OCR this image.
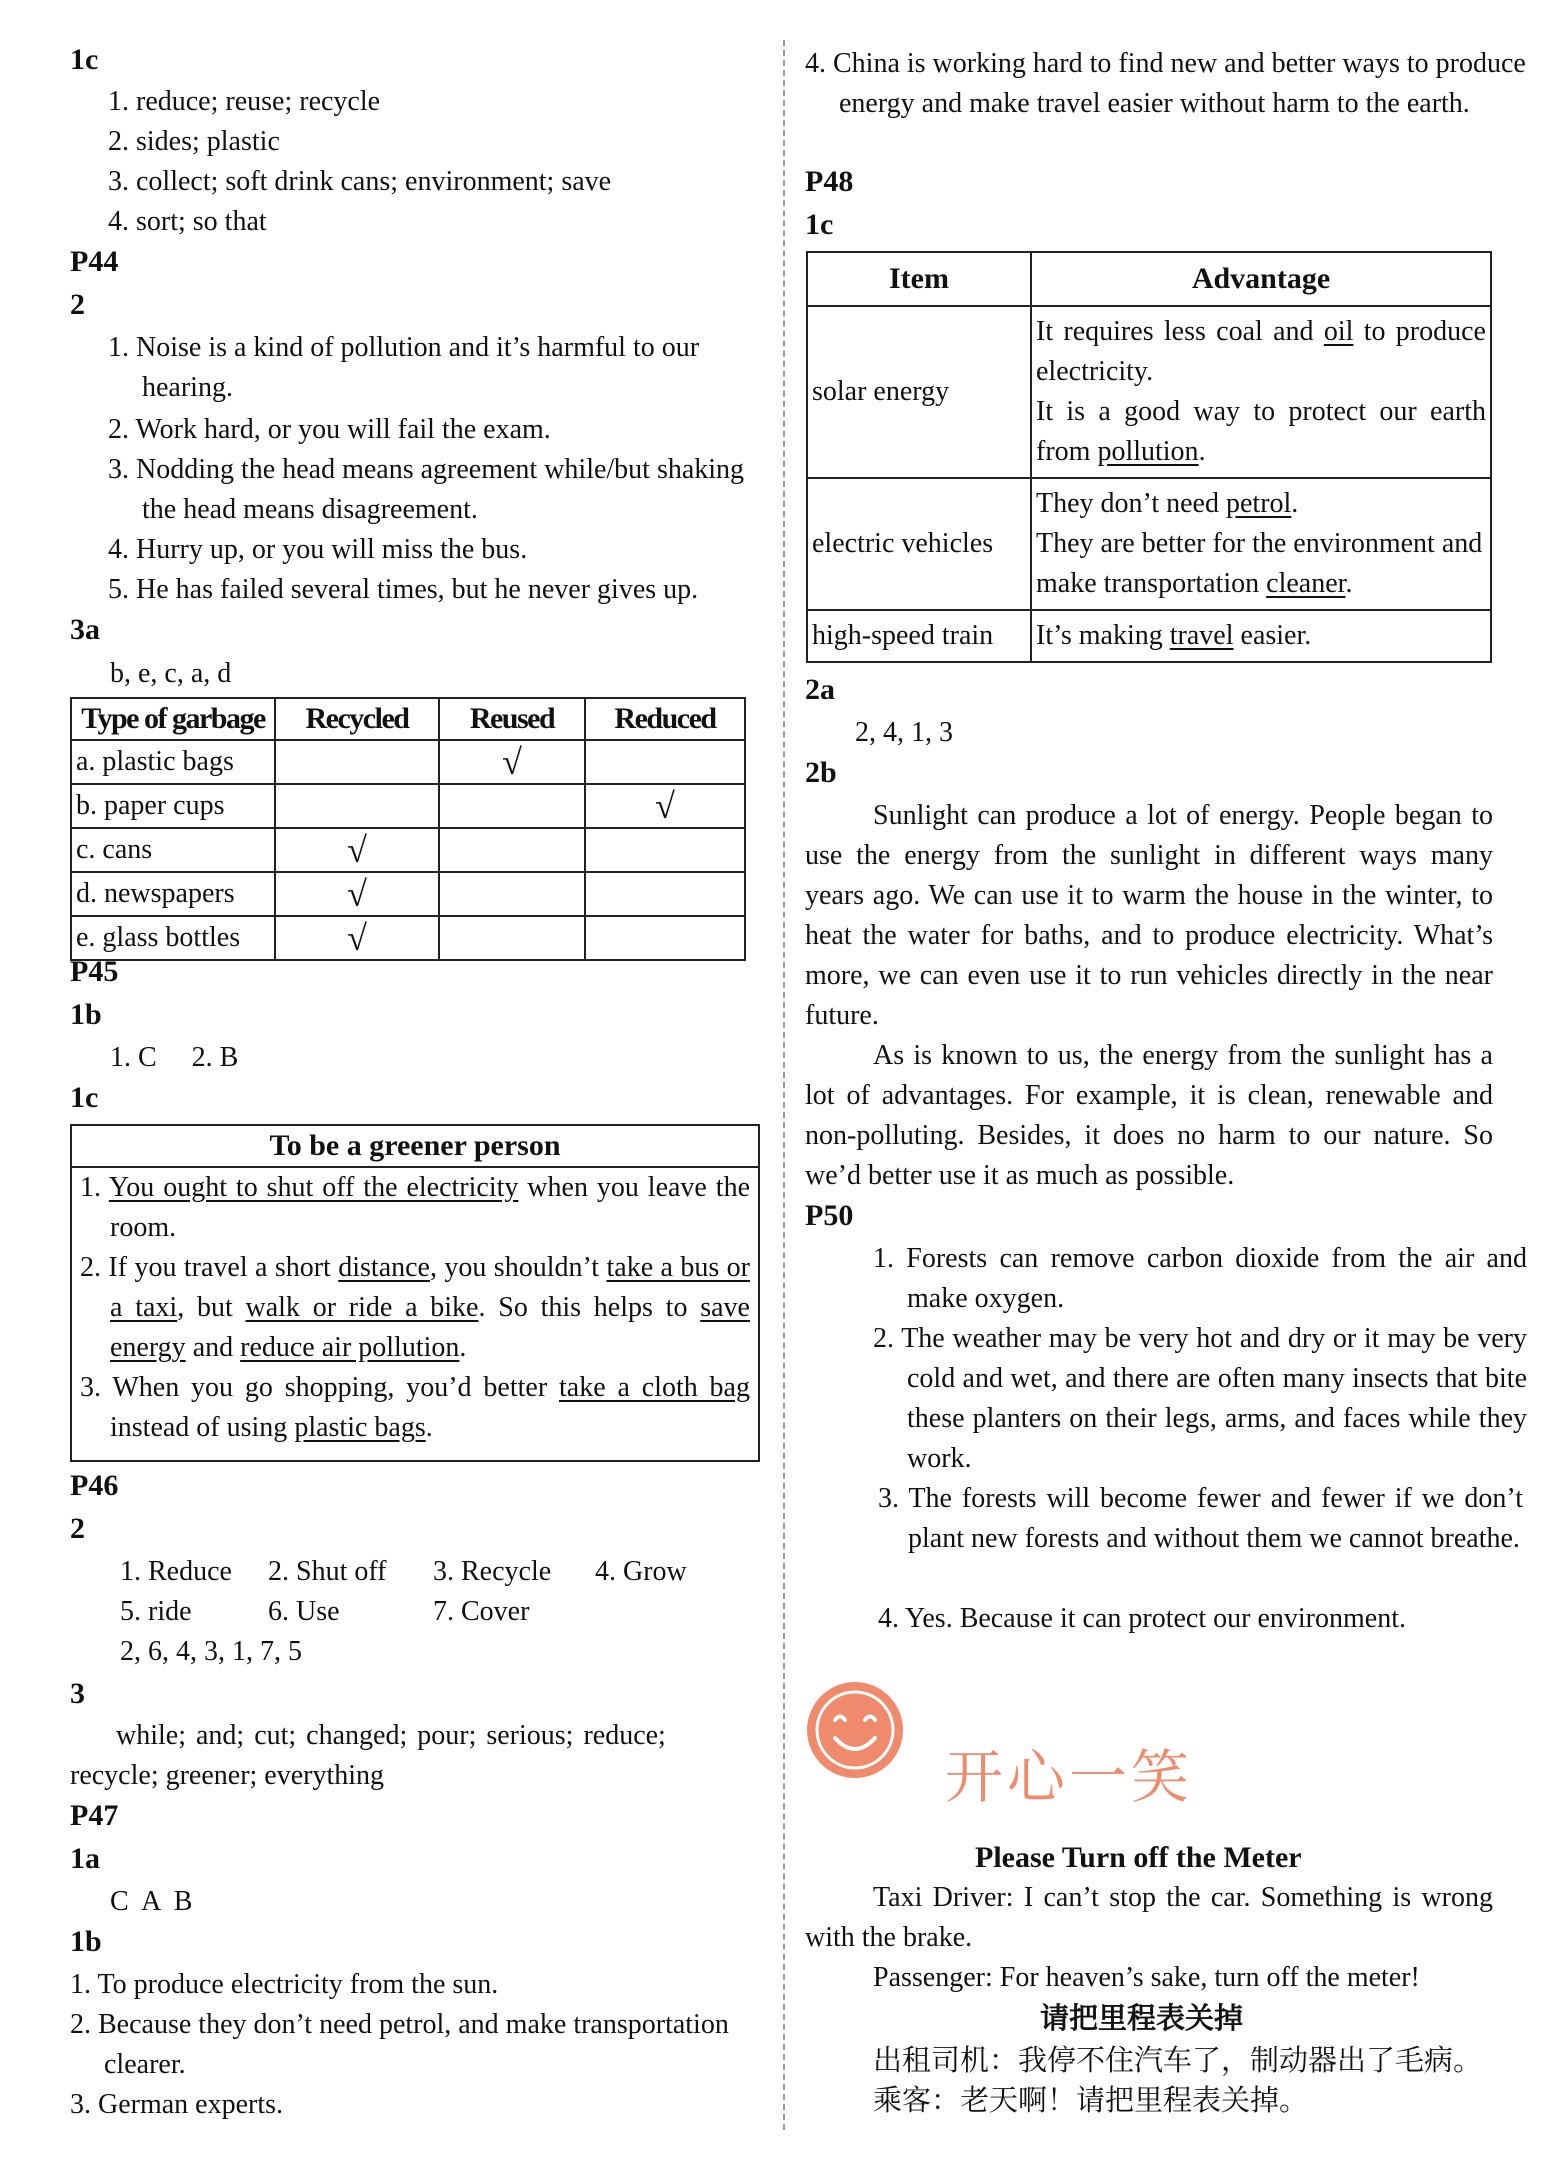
1c
1. reduce; reuse; recycle
2. sides; plastic
3. collect; soft drink cans; environment; save
4. sort; so that
P44
2
1. Noise is a kind of pollution and it’s harmful to our hearing.
2. Work hard, or you will fail the exam.
3. Nodding the head means agreement while/but shaking the head means disagreement.
4. Hurry up, or you will miss the bus.
5. He has failed several times, but he never gives up.
3a
b, e, c, a, d
Type of garbage	Recycled	Reused	Reduced
a. plastic bags		√	
b. paper cups			√
c. cans	√		
d. newspapers	√		
e. glass bottles	√		
P45
1b
1. C     2. B
1c
To be a greener person
1. You ought to shut off the electricity when you leave the room.
2. If you travel a short distance, you shouldn’t take a bus or a taxi, but walk or ride a bike. So this helps to save energy and reduce air pollution.
3. When you go shopping, you’d better take a cloth bag instead of using plastic bags.
P46
2
1. Reduce 2. Shut off 3. Recycle 4. Grow
5. ride	6. Use	7. Cover
2, 6, 4, 3, 1, 7, 5
3
while; and; cut; changed; pour; serious; reduce;
recycle; greener; everything
P47
1a
C  A  B
1b
1. To produce electricity from the sun.
2. Because they don’t need petrol, and make transportation clearer.
3. German experts.
4. China is working hard to find new and better ways to produce energy and make travel easier without harm to the earth.
P48
1c
Item	Advantage
solar energy	It requires less coal and oil to produce electricity.
It is a good way to protect our earth from pollution.
electric vehicles	They don’t need petrol.
They are better for the environment and make transportation cleaner.
high-speed train	It’s making travel easier.
2a
2, 4, 1, 3
2b
Sunlight can produce a lot of energy. People began to use the energy from the sunlight in different ways many years ago. We can use it to warm the house in the winter, to heat the water for baths, and to produce electricity. What’s more, we can even use it to run vehicles directly in the near future.
As is known to us, the energy from the sunlight has a lot of advantages. For example, it is clean, renewable and non-polluting. Besides, it does no harm to our nature. So we’d better use it as much as possible.
P50
1. Forests can remove carbon dioxide from the air and make oxygen.
2. The weather may be very hot and dry or it may be very cold and wet, and there are often many insects that bite these planters on their legs, arms, and faces while they work.
3. The forests will become fewer and fewer if we don’t plant new forests and without them we cannot breathe.
4. Yes. Because it can protect our environment.
开心一笑
Please Turn off the Meter
Taxi Driver: I can’t stop the car. Something is wrong with the brake.
Passenger: For heaven’s sake, turn off the meter!
请把里程表关掉
出租司机：我停不住汽车了，制动器出了毛病。
乘客：老天啊！请把里程表关掉。
